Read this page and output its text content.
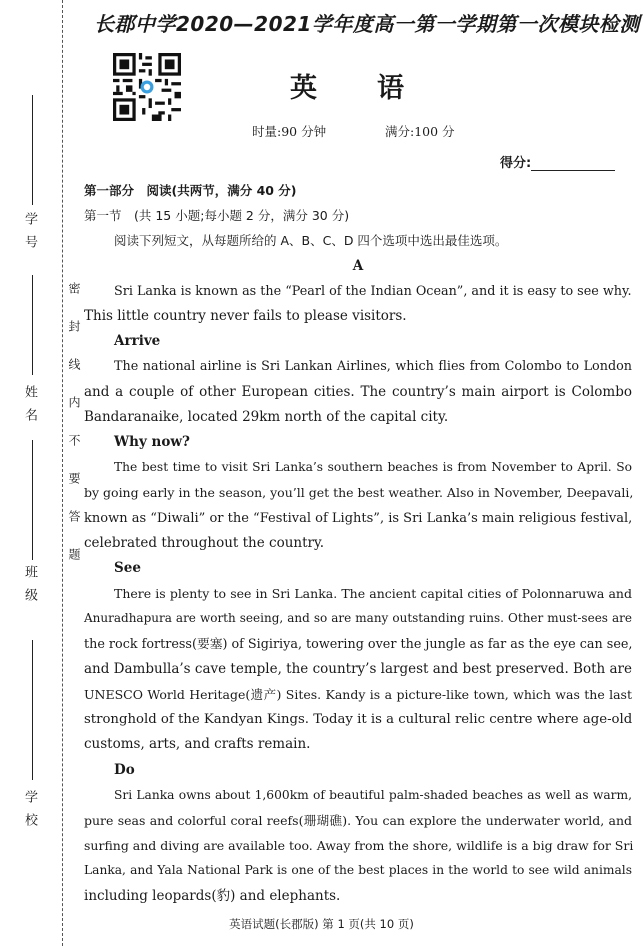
学号
姓名
班级
学校
密封线内不要答题
长郡中学2020—2021学年度高一第一学期第一次模块检测
英 语
时量:90 分钟	满分:100 分
得分:
第一部分　阅读(共两节，满分 40 分)
第一节　(共 15 小题;每小题 2 分，满分 30 分)
阅读下列短文，从每题所给的 A、B、C、D 四个选项中选出最佳选项。
A
Sri Lanka is known as the “Pearl of the Indian Ocean”, and it is easy to see why.
This little country never fails to please visitors.
Arrive
The national airline is Sri Lankan Airlines, which flies from Colombo to London
and a couple of other European cities. The country’s main airport is Colombo
Bandaranaike, located 29km north of the capital city.
Why now?
The best time to visit Sri Lanka’s southern beaches is from November to April. So
by going early in the season, you’ll get the best weather. Also in November, Deepavali,
known as “Diwali” or the “Festival of Lights”, is Sri Lanka’s main religious festival,
celebrated throughout the country.
See
There is plenty to see in Sri Lanka. The ancient capital cities of Polonnaruwa and
Anuradhapura are worth seeing, and so are many outstanding ruins. Other must-sees are
the rock fortress(要塞) of Sigiriya, towering over the jungle as far as the eye can see,
and Dambulla’s cave temple, the country’s largest and best preserved. Both are
UNESCO World Heritage(遗产) Sites. Kandy is a picture-like town, which was the last
stronghold of the Kandyan Kings. Today it is a cultural relic centre where age-old
customs, arts, and crafts remain.
Do
Sri Lanka owns about 1,600km of beautiful palm-shaded beaches as well as warm,
pure seas and colorful coral reefs(珊瑚礁). You can explore the underwater world, and
surfing and diving are available too. Away from the shore, wildlife is a big draw for Sri
Lanka, and Yala National Park is one of the best places in the world to see wild animals
including leopards(豹) and elephants.
英语试题(长郡版) 第 1 页(共 10 页)
